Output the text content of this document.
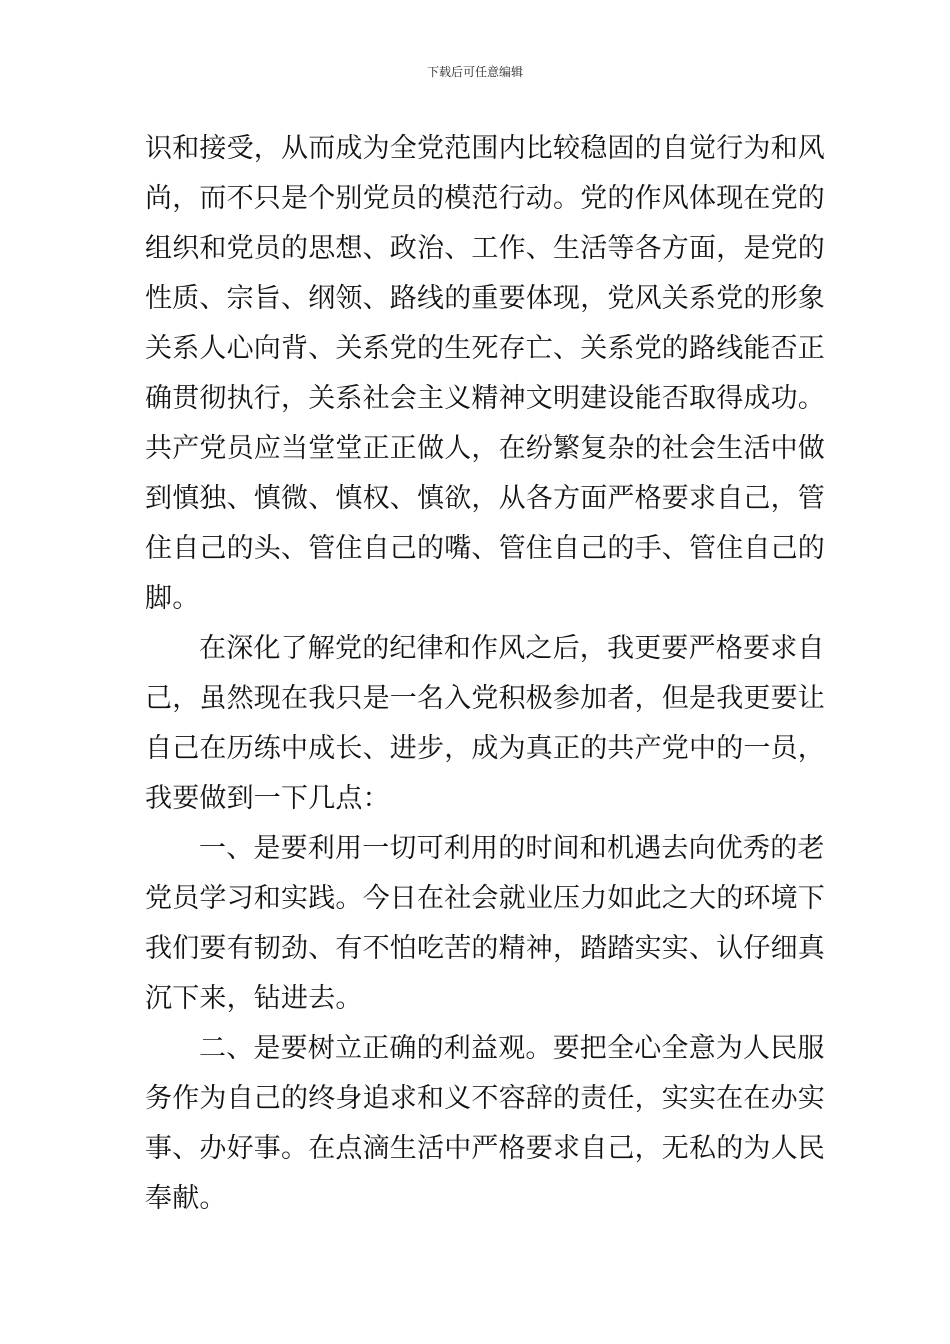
下载后可任意编辑
识和接受，从而成为全党范围内比较稳固的自觉行为和风
尚，而不只是个别党员的模范行动。党的作风体现在党的
组织和党员的思想、政治、工作、生活等各方面，是党的
性质、宗旨、纲领、路线的重要体现，党风关系党的形象
关系人心向背、关系党的生死存亡、关系党的路线能否正
确贯彻执行，关系社会主义精神文明建设能否取得成功。
共产党员应当堂堂正正做人，在纷繁复杂的社会生活中做
到慎独、慎微、慎权、慎欲，从各方面严格要求自己，管
住自己的头、管住自己的嘴、管住自己的手、管住自己的
脚。
在深化了解党的纪律和作风之后，我更要严格要求自
己，虽然现在我只是一名入党积极参加者，但是我更要让
自己在历练中成长、进步，成为真正的共产党中的一员，
我要做到一下几点：
一、是要利用一切可利用的时间和机遇去向优秀的老
党员学习和实践。今日在社会就业压力如此之大的环境下
我们要有韧劲、有不怕吃苦的精神，踏踏实实、认仔细真
沉下来，钻进去。
二、是要树立正确的利益观。要把全心全意为人民服
务作为自己的终身追求和义不容辞的责任，实实在在办实
事、办好事。在点滴生活中严格要求自己，无私的为人民
奉献。
